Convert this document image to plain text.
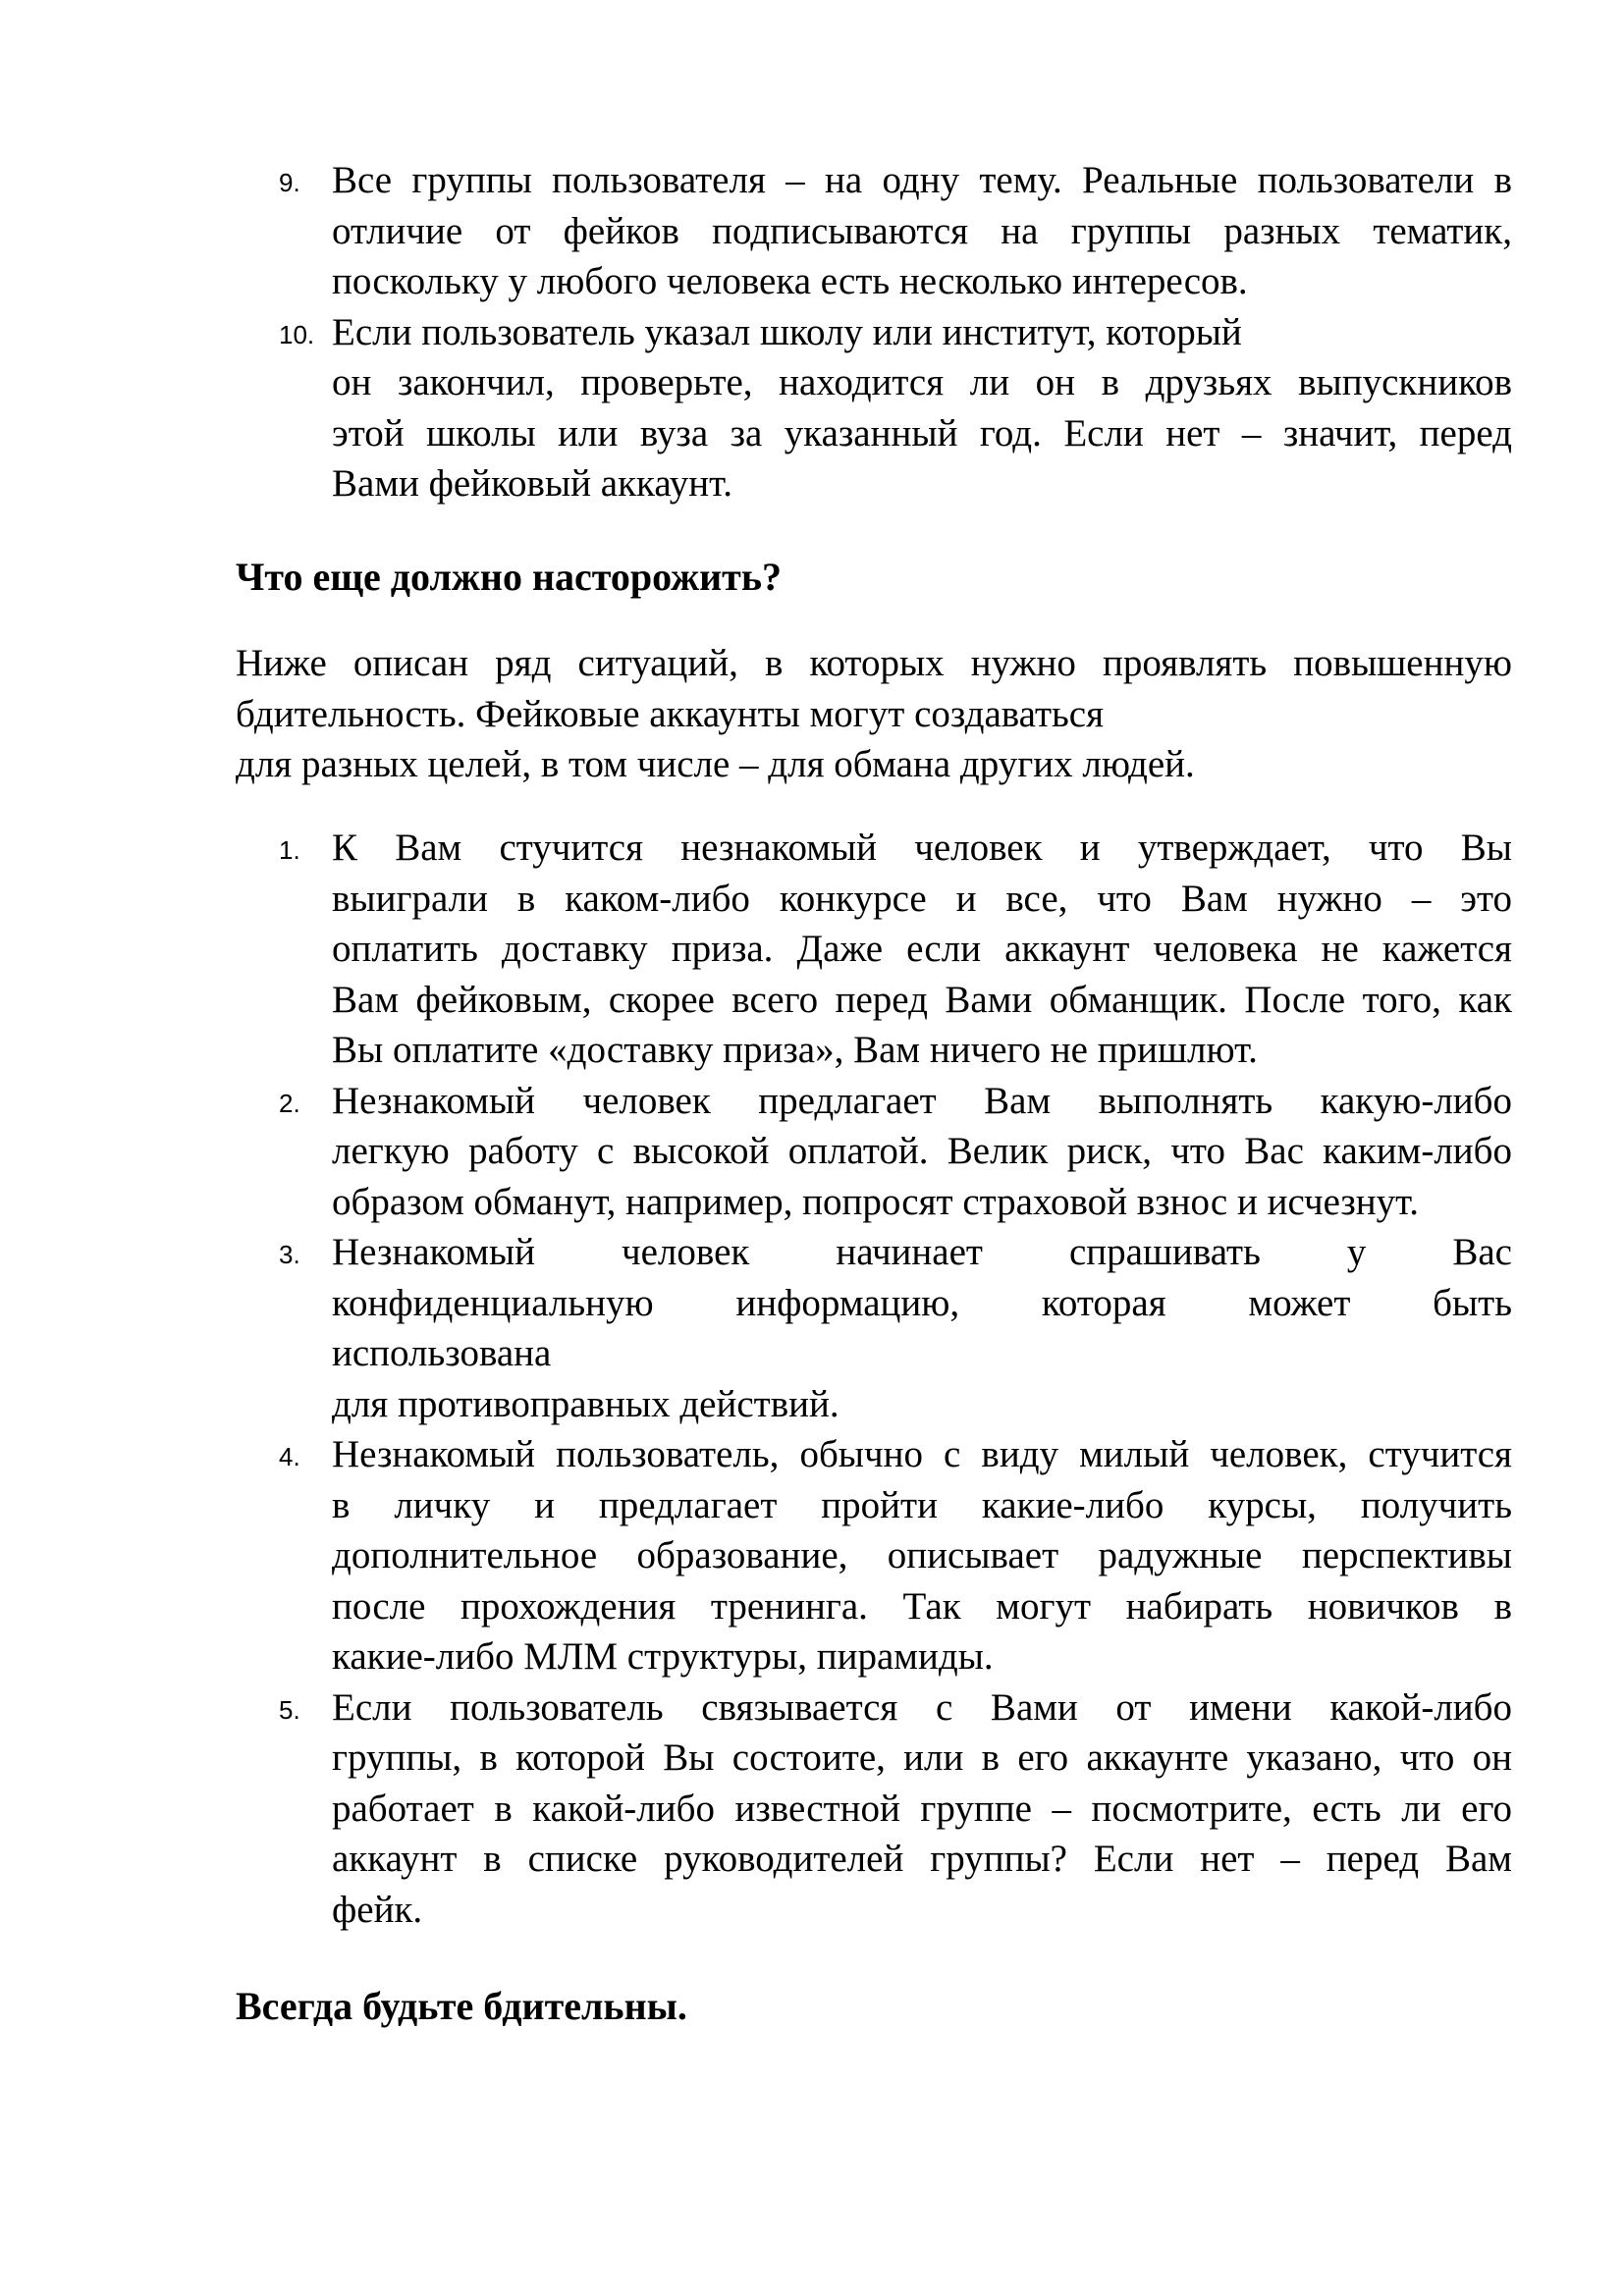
9. Все группы пользователя – на одну тему. Реальные пользователи в
отличие от фейков подписываются на группы разных тематик,
поскольку у любого человека есть несколько интересов.
10. Если пользователь указал школу или институт, который
он закончил, проверьте, находится ли он в друзьях выпускников
этой школы или вуза за указанный год. Если нет – значит, перед
Вами фейковый аккаунт.
Что еще должно насторожить?

Ниже описан ряд ситуаций, в которых нужно проявлять повышенную
бдительность. Фейковые аккаунты могут создаваться
для разных целей, в том числе – для обмана других людей.

1. К Вам стучится незнакомый человек и утверждает, что Вы
выиграли в каком-либо конкурсе и все, что Вам нужно – это
оплатить доставку приза. Даже если аккаунт человека не кажется
Вам фейковым, скорее всего перед Вами обманщик. После того, как
Вы оплатите «доставку приза», Вам ничего не пришлют.
2. Незнакомый человек предлагает Вам выполнять какую-либо
легкую работу с высокой оплатой. Велик риск, что Вас каким-либо
образом обманут, например, попросят страховой взнос и исчезнут.
3. Незнакомый человек начинает спрашивать у Вас
конфиденциальную информацию, которая может быть
использована
для противоправных действий.
4. Незнакомый пользователь, обычно с виду милый человек, стучится
в личку и предлагает пройти какие-либо курсы, получить
дополнительное образование, описывает радужные перспективы
после прохождения тренинга. Так могут набирать новичков в
какие-либо МЛМ структуры, пирамиды.
5. Если пользователь связывается с Вами от имени какой-либо
группы, в которой Вы состоите, или в его аккаунте указано, что он
работает в какой-либо известной группе – посмотрите, есть ли его
аккаунт в списке руководителей группы? Если нет – перед Вам
фейк.
Всегда будьте бдительны.
